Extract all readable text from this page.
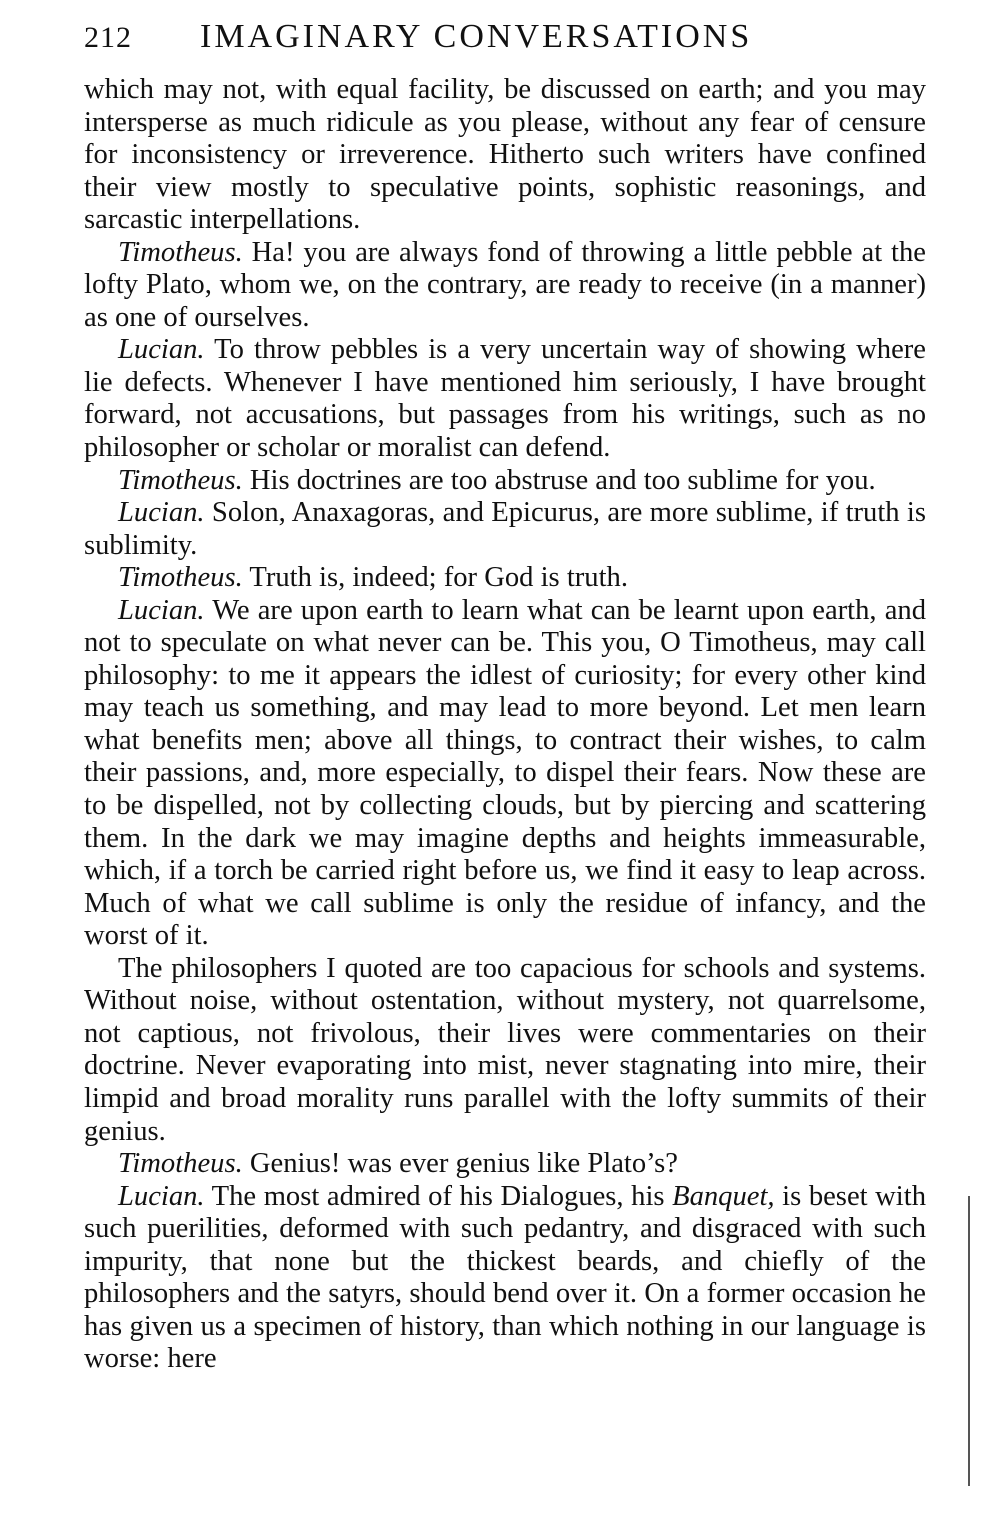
212 IMAGINARY CONVERSATIONS

which may not, with equal facility, be discussed on earth; and you may intersperse as much ridicule as you please, without any fear of censure for inconsistency or irreverence. Hitherto such writers have confined their view mostly to speculative points, sophistic reasonings, and sarcastic interpellations.

Timotheus. Ha! you are always fond of throwing a little pebble at the lofty Plato, whom we, on the contrary, are ready to receive (in a manner) as one of ourselves.

Lucian. To throw pebbles is a very uncertain way of showing where lie defects. Whenever I have mentioned him seriously, I have brought forward, not accusations, but passages from his writings, such as no philosopher or scholar or moralist can defend.

Timotheus. His doctrines are too abstruse and too sublime for you.

Lucian. Solon, Anaxagoras, and Epicurus, are more sublime, if truth is sublimity.

Timotheus. Truth is, indeed; for God is truth.

Lucian. We are upon earth to learn what can be learnt upon earth, and not to speculate on what never can be. This you, O Timotheus, may call philosophy: to me it appears the idlest of curiosity; for every other kind may teach us something, and may lead to more beyond. Let men learn what benefits men; above all things, to contract their wishes, to calm their passions, and, more especially, to dispel their fears. Now these are to be dispelled, not by collecting clouds, but by piercing and scattering them. In the dark we may imagine depths and heights immeasurable, which, if a torch be carried right before us, we find it easy to leap across. Much of what we call sublime is only the residue of infancy, and the worst of it.

The philosophers I quoted are too capacious for schools and systems. Without noise, without ostentation, without mystery, not quarrelsome, not captious, not frivolous, their lives were commentaries on their doctrine. Never evaporating into mist, never stagnating into mire, their limpid and broad morality runs parallel with the lofty summits of their genius.

Timotheus. Genius! was ever genius like Plato’s?

Lucian. The most admired of his Dialogues, his Banquet, is beset with such puerilities, deformed with such pedantry, and disgraced with such impurity, that none but the thickest beards, and chiefly of the philosophers and the satyrs, should bend over it. On a former occasion he has given us a specimen of history, than which nothing in our language is worse: here
